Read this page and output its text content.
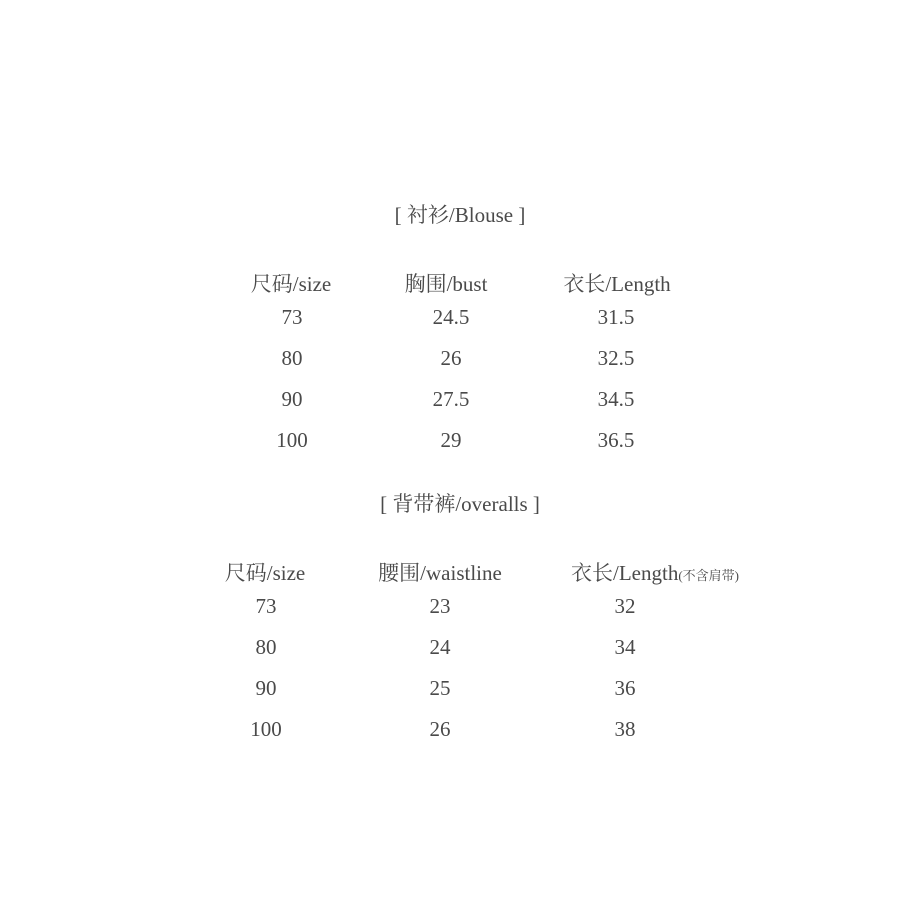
[ 衬衫/Blouse ]
尺码/size	胸围/bust	衣长/Length
73	24.5	31.5
80	26	32.5
90	27.5	34.5
100	29	36.5
[ 背带裤/overalls ]
尺码/size	腰围/waistline	衣长/Length(不含肩带)
73	23	32
80	24	34
90	25	36
100	26	38
